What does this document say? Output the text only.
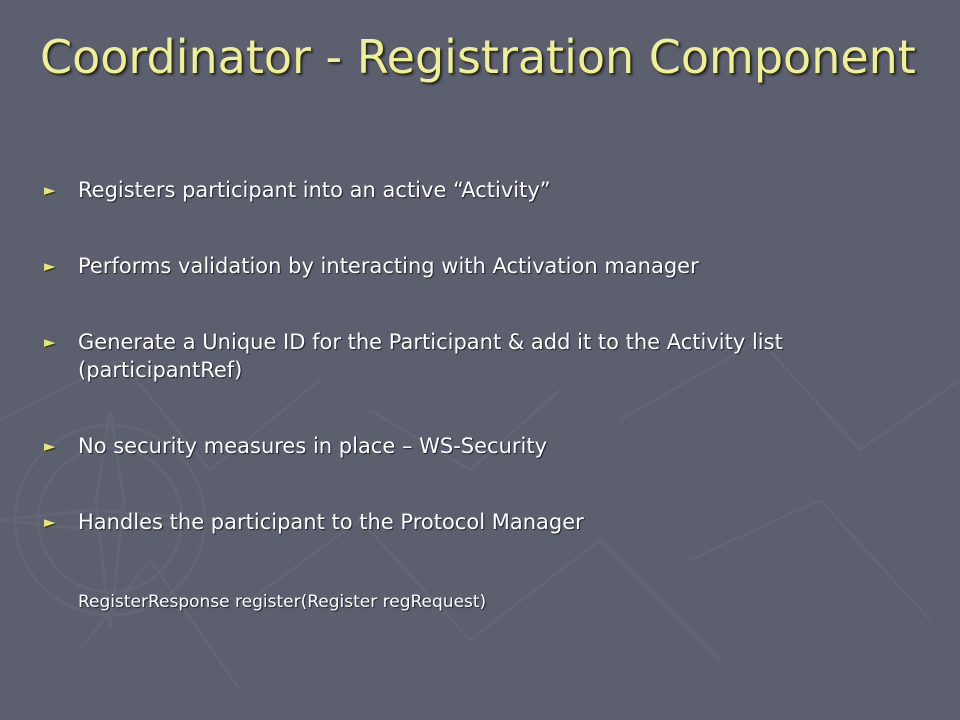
Coordinator - Registration Component
► Registers participant into an active “Activity”
► Performs validation by interacting with Activation manager
► Generate a Unique ID for the Participant & add it to the Activity list (participantRef)
► No security measures in place – WS-Security
► Handles the participant to the Protocol Manager

RegisterResponse register(Register regRequest)
